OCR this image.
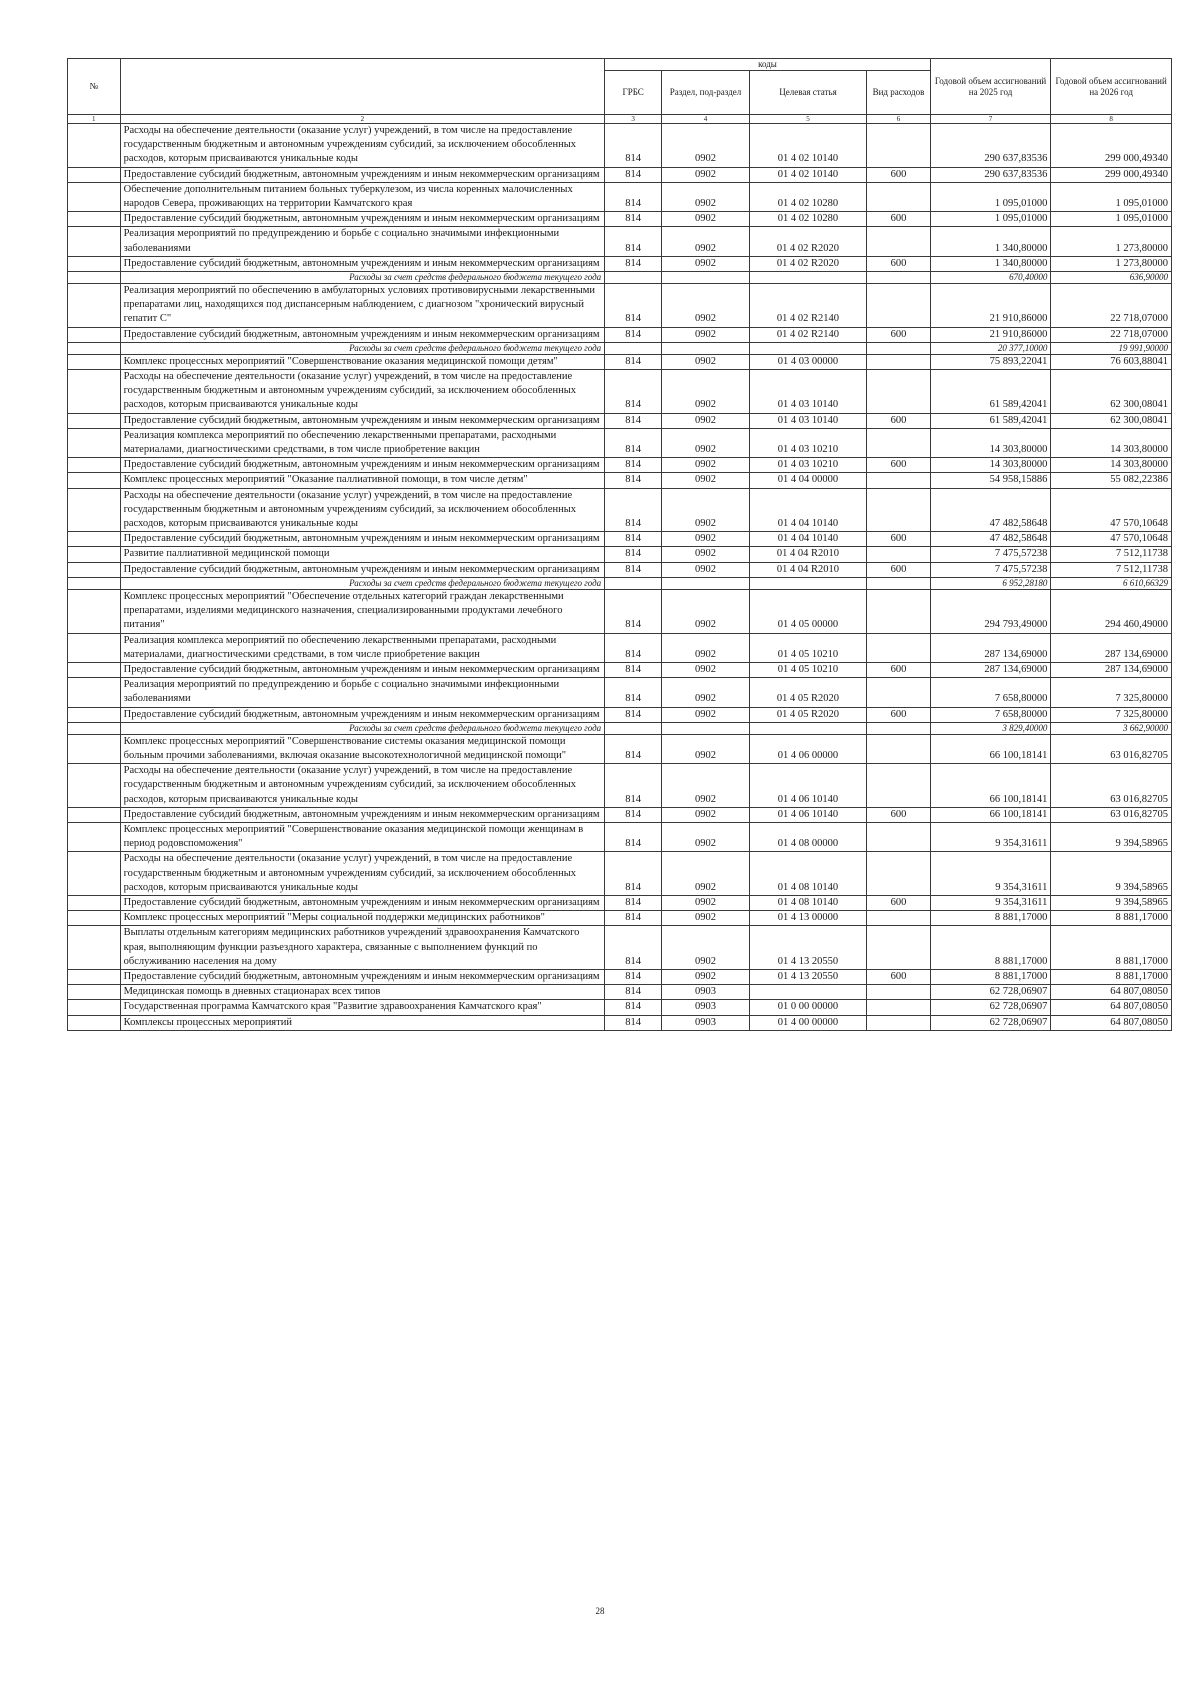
№		коды				Годовой объем ассигнований на 2025 год	Годовой объем ассигнований на 2026 год
		ГРБС	Раздел, под-раздел	Целевая статья	Вид расходов		
1	2	3	4	5	6	7	8
	Расходы на обеспечение деятельности (оказание услуг) учреждений, в том числе на предоставление государственным бюджетным и автономным учреждениям субсидий, за исключением обособленных расходов, которым присваиваются уникальные коды	814	0902	01 4 02 10140		290 637,83536	299 000,49340
	Предоставление субсидий бюджетным, автономным учреждениям и иным некоммерческим организациям	814	0902	01 4 02 10140	600	290 637,83536	299 000,49340
	Обеспечение дополнительным питанием больных туберкулезом, из числа коренных малочисленных народов Севера, проживающих на территории Камчатского края	814	0902	01 4 02 10280		1 095,01000	1 095,01000
	Предоставление субсидий бюджетным, автономным учреждениям и иным некоммерческим организациям	814	0902	01 4 02 10280	600	1 095,01000	1 095,01000
	Реализация мероприятий по предупреждению и борьбе с социально значимыми инфекционными заболеваниями	814	0902	01 4 02 R2020		1 340,80000	1 273,80000
	Предоставление субсидий бюджетным, автономным учреждениям и иным некоммерческим организациям	814	0902	01 4 02 R2020	600	1 340,80000	1 273,80000
	Расходы за счет средств федерального бюджета текущего года					670,40000	636,90000
	Реализация мероприятий по обеспечению в амбулаторных условиях противовирусными лекарственными препаратами лиц, находящихся под диспансерным наблюдением, с диагнозом "хронический вирусный гепатит С"	814	0902	01 4 02 R2140		21 910,86000	22 718,07000
	Предоставление субсидий бюджетным, автономным учреждениям и иным некоммерческим организациям	814	0902	01 4 02 R2140	600	21 910,86000	22 718,07000
	Расходы за счет средств федерального бюджета текущего года					20 377,10000	19 991,90000
	Комплекс процессных мероприятий "Совершенствование оказания медицинской помощи детям"	814	0902	01 4 03 00000		75 893,22041	76 603,88041
	Расходы на обеспечение деятельности (оказание услуг) учреждений, в том числе на предоставление государственным бюджетным и автономным учреждениям субсидий, за исключением обособленных расходов, которым присваиваются уникальные коды	814	0902	01 4 03 10140		61 589,42041	62 300,08041
	Предоставление субсидий бюджетным, автономным учреждениям и иным некоммерческим организациям	814	0902	01 4 03 10140	600	61 589,42041	62 300,08041
	Реализация комплекса мероприятий по обеспечению лекарственными препаратами, расходными материалами, диагностическими средствами, в том числе приобретение вакцин	814	0902	01 4 03 10210		14 303,80000	14 303,80000
	Предоставление субсидий бюджетным, автономным учреждениям и иным некоммерческим организациям	814	0902	01 4 03 10210	600	14 303,80000	14 303,80000
	Комплекс процессных мероприятий "Оказание паллиативной помощи, в том числе детям"	814	0902	01 4 04 00000		54 958,15886	55 082,22386
	Расходы на обеспечение деятельности (оказание услуг) учреждений, в том числе на предоставление государственным бюджетным и автономным учреждениям субсидий, за исключением обособленных расходов, которым присваиваются уникальные коды	814	0902	01 4 04 10140		47 482,58648	47 570,10648
	Предоставление субсидий бюджетным, автономным учреждениям и иным некоммерческим организациям	814	0902	01 4 04 10140	600	47 482,58648	47 570,10648
	Развитие паллиативной медицинской помощи	814	0902	01 4 04 R2010		7 475,57238	7 512,11738
	Предоставление субсидий бюджетным, автономным учреждениям и иным некоммерческим организациям	814	0902	01 4 04 R2010	600	7 475,57238	7 512,11738
	Расходы за счет средств федерального бюджета текущего года					6 952,28180	6 610,66329
	Комплекс процессных мероприятий "Обеспечение отдельных категорий граждан лекарственными препаратами, изделиями медицинского назначения, специализированными продуктами лечебного питания"	814	0902	01 4 05 00000		294 793,49000	294 460,49000
	Реализация комплекса мероприятий по обеспечению лекарственными препаратами, расходными материалами, диагностическими средствами, в том числе приобретение вакцин	814	0902	01 4 05 10210		287 134,69000	287 134,69000
	Предоставление субсидий бюджетным, автономным учреждениям и иным некоммерческим организациям	814	0902	01 4 05 10210	600	287 134,69000	287 134,69000
	Реализация мероприятий по предупреждению и борьбе с социально значимыми инфекционными заболеваниями	814	0902	01 4 05 R2020		7 658,80000	7 325,80000
	Предоставление субсидий бюджетным, автономным учреждениям и иным некоммерческим организациям	814	0902	01 4 05 R2020	600	7 658,80000	7 325,80000
	Расходы за счет средств федерального бюджета текущего года					3 829,40000	3 662,90000
	Комплекс процессных мероприятий "Совершенствование системы оказания медицинской помощи больным прочими заболеваниями, включая оказание высокотехнологичной медицинской помощи"	814	0902	01 4 06 00000		66 100,18141	63 016,82705
	Расходы на обеспечение деятельности (оказание услуг) учреждений, в том числе на предоставление государственным бюджетным и автономным учреждениям субсидий, за исключением обособленных расходов, которым присваиваются уникальные коды	814	0902	01 4 06 10140		66 100,18141	63 016,82705
	Предоставление субсидий бюджетным, автономным учреждениям и иным некоммерческим организациям	814	0902	01 4 06 10140	600	66 100,18141	63 016,82705
	Комплекс процессных мероприятий "Совершенствование оказания медицинской помощи женщинам в период родовспоможения"	814	0902	01 4 08 00000		9 354,31611	9 394,58965
	Расходы на обеспечение деятельности (оказание услуг) учреждений, в том числе на предоставление государственным бюджетным и автономным учреждениям субсидий, за исключением обособленных расходов, которым присваиваются уникальные коды	814	0902	01 4 08 10140		9 354,31611	9 394,58965
	Предоставление субсидий бюджетным, автономным учреждениям и иным некоммерческим организациям	814	0902	01 4 08 10140	600	9 354,31611	9 394,58965
	Комплекс процессных мероприятий "Меры социальной поддержки медицинских работников"	814	0902	01 4 13 00000		8 881,17000	8 881,17000
	Выплаты отдельным категориям медицинских работников учреждений здравоохранения Камчатского края, выполняющим функции разъездного характера, связанные с выполнением функций по обслуживанию населения на дому	814	0902	01 4 13 20550		8 881,17000	8 881,17000
	Предоставление субсидий бюджетным, автономным учреждениям и иным некоммерческим организациям	814	0902	01 4 13 20550	600	8 881,17000	8 881,17000
	Медицинская помощь в дневных стационарах всех типов	814	0903			62 728,06907	64 807,08050
	Государственная программа Камчатского края "Развитие здравоохранения Камчатского края"	814	0903	01 0 00 00000		62 728,06907	64 807,08050
	Комплексы процессных мероприятий	814	0903	01 4 00 00000		62 728,06907	64 807,08050
28
